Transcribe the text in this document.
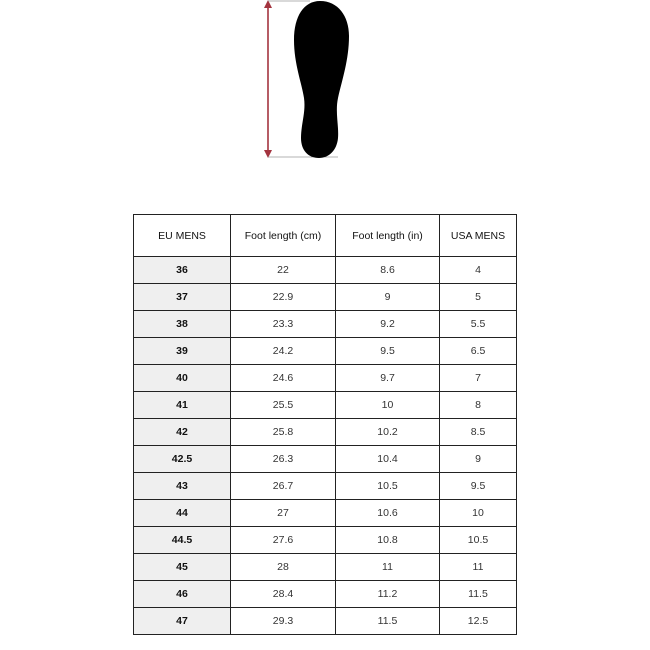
EU MENS	Foot length (cm)	Foot length (in)	USA MENS
36	22	8.6	4
37	22.9	9	5
38	23.3	9.2	5.5
39	24.2	9.5	6.5
40	24.6	9.7	7
41	25.5	10	8
42	25.8	10.2	8.5
42.5	26.3	10.4	9
43	26.7	10.5	9.5
44	27	10.6	10
44.5	27.6	10.8	10.5
45	28	11	11
46	28.4	11.2	11.5
47	29.3	11.5	12.5
